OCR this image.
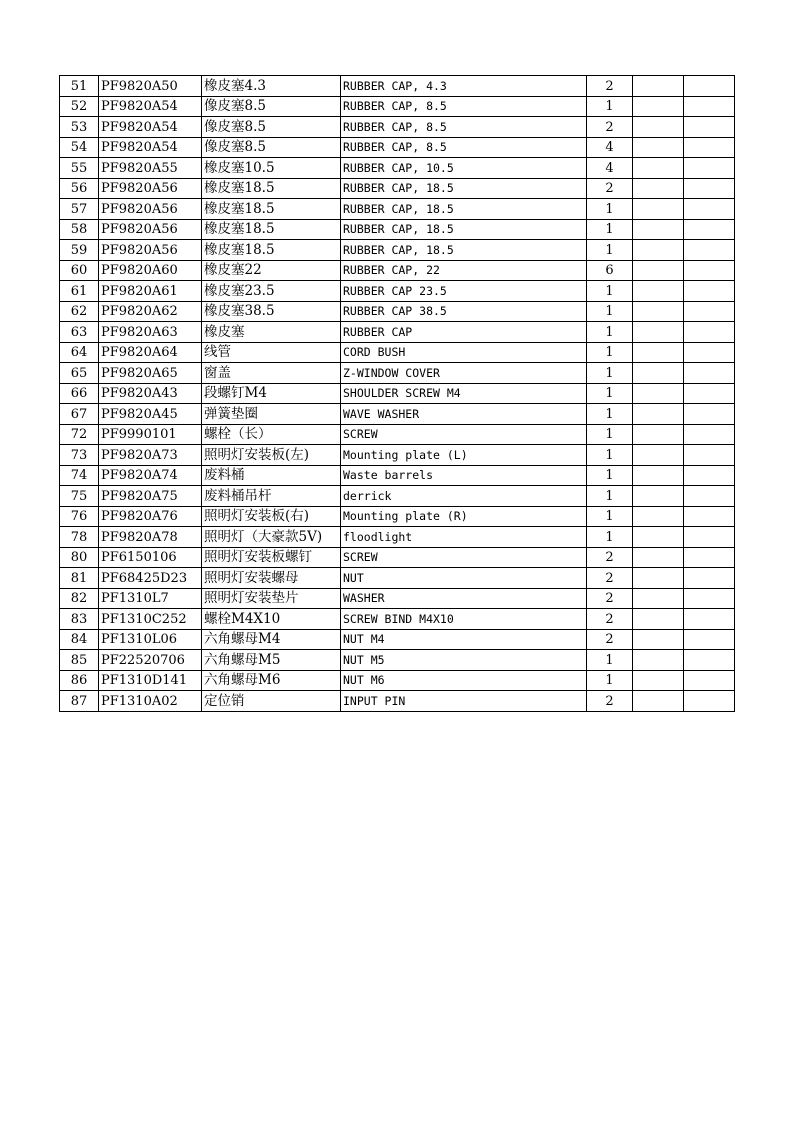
51	PF9820A50	橡皮塞4.3	RUBBER CAP, 4.3	2		
52	PF9820A54	像皮塞8.5	RUBBER CAP, 8.5	1		
53	PF9820A54	像皮塞8.5	RUBBER CAP, 8.5	2		
54	PF9820A54	像皮塞8.5	RUBBER CAP, 8.5	4		
55	PF9820A55	橡皮塞10.5	RUBBER CAP, 10.5	4		
56	PF9820A56	橡皮塞18.5	RUBBER CAP, 18.5	2		
57	PF9820A56	橡皮塞18.5	RUBBER CAP, 18.5	1		
58	PF9820A56	橡皮塞18.5	RUBBER CAP, 18.5	1		
59	PF9820A56	橡皮塞18.5	RUBBER CAP, 18.5	1		
60	PF9820A60	橡皮塞22	RUBBER CAP, 22	6		
61	PF9820A61	橡皮塞23.5	RUBBER CAP 23.5	1		
62	PF9820A62	橡皮塞38.5	RUBBER CAP 38.5	1		
63	PF9820A63	橡皮塞	RUBBER CAP	1		
64	PF9820A64	线管	CORD BUSH	1		
65	PF9820A65	窗盖	Z-WINDOW COVER	1		
66	PF9820A43	段螺钉M4	SHOULDER SCREW M4	1		
67	PF9820A45	弹簧垫圈	WAVE WASHER	1		
72	PF9990101	螺栓（长）	SCREW	1		
73	PF9820A73	照明灯安装板(左)	Mounting plate (L)	1		
74	PF9820A74	废料桶	Waste barrels	1		
75	PF9820A75	废料桶吊杆	derrick	1		
76	PF9820A76	照明灯安装板(右)	Mounting plate (R)	1		
78	PF9820A78	照明灯（大豪款5V)	floodlight	1		
80	PF6150106	照明灯安装板螺钉	SCREW	2		
81	PF68425D23	照明灯安装螺母	NUT	2		
82	PF1310L7	照明灯安装垫片	WASHER	2		
83	PF1310C252	螺栓M4X10	SCREW BIND M4X10	2		
84	PF1310L06	六角螺母M4	NUT M4	2		
85	PF22520706	六角螺母M5	NUT M5	1		
86	PF1310D141	六角螺母M6	NUT M6	1		
87	PF1310A02	定位销	INPUT PIN	2		
